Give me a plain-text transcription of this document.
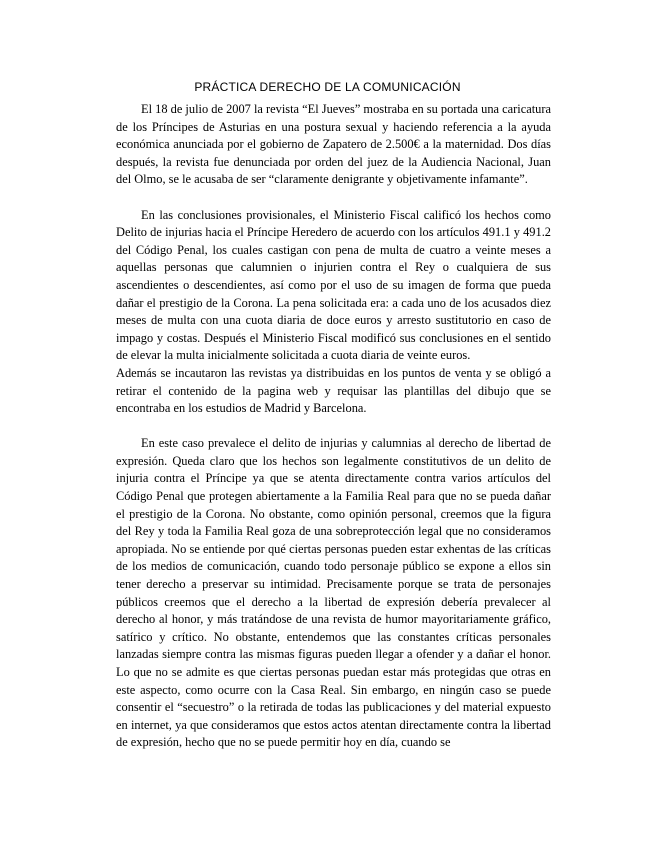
PRÁCTICA DERECHO DE LA COMUNICACIÓN

El 18 de julio de 2007 la revista “El Jueves” mostraba en su portada una caricatura de los Príncipes de Asturias en una postura sexual y haciendo referencia a la ayuda económica anunciada por el gobierno de Zapatero de 2.500€ a la maternidad. Dos días después, la revista fue denunciada por orden del juez de la Audiencia Nacional, Juan del Olmo, se le acusaba de ser “claramente denigrante y objetivamente infamante”.

En las conclusiones provisionales, el Ministerio Fiscal calificó los hechos como Delito de injurias hacia el Príncipe Heredero de acuerdo con los artículos 491.1 y 491.2 del Código Penal, los cuales castigan con pena de multa de cuatro a veinte meses a aquellas personas que calumnien o injurien contra el Rey o cualquiera de sus ascendientes o descendientes, así como por el uso de su imagen de forma que pueda dañar el prestigio de la Corona. La pena solicitada era: a cada uno de los acusados diez meses de multa con una cuota diaria de doce euros y arresto sustitutorio en caso de impago y costas. Después el Ministerio Fiscal modificó sus conclusiones en el sentido de elevar la multa inicialmente solicitada a cuota diaria de veinte euros.

Además se incautaron las revistas ya distribuidas en los puntos de venta y se obligó a retirar el contenido de la pagina web y requisar las plantillas del dibujo que se encontraba en los estudios de Madrid y Barcelona.

En este caso prevalece el delito de injurias y calumnias al derecho de libertad de expresión. Queda claro que los hechos son legalmente constitutivos de un delito de injuria contra el Príncipe ya que se atenta directamente contra varios artículos del Código Penal que protegen abiertamente a la Familia Real para que no se pueda dañar el prestigio de la Corona. No obstante, como opinión personal, creemos que la figura del Rey y toda la Familia Real goza de una sobreprotección legal que no consideramos apropiada. No se entiende por qué ciertas personas pueden estar exhentas de las críticas de los medios de comunicación, cuando todo personaje público se expone a ellos sin tener derecho a preservar su intimidad. Precisamente porque se trata de personajes públicos creemos que el derecho a la libertad de expresión debería prevalecer al derecho al honor, y más tratándose de una revista de humor mayoritariamente gráfico, satírico y crítico. No obstante, entendemos que las constantes críticas personales lanzadas siempre contra las mismas figuras pueden llegar a ofender y a dañar el honor. Lo que no se admite es que ciertas personas puedan estar más protegidas que otras en este aspecto, como ocurre con la Casa Real. Sin embargo, en ningún caso se puede consentir el “secuestro” o la retirada de todas las publicaciones y del material expuesto en internet, ya que consideramos que estos actos atentan directamente contra la libertad de expresión, hecho que no se puede permitir hoy en día, cuando se
